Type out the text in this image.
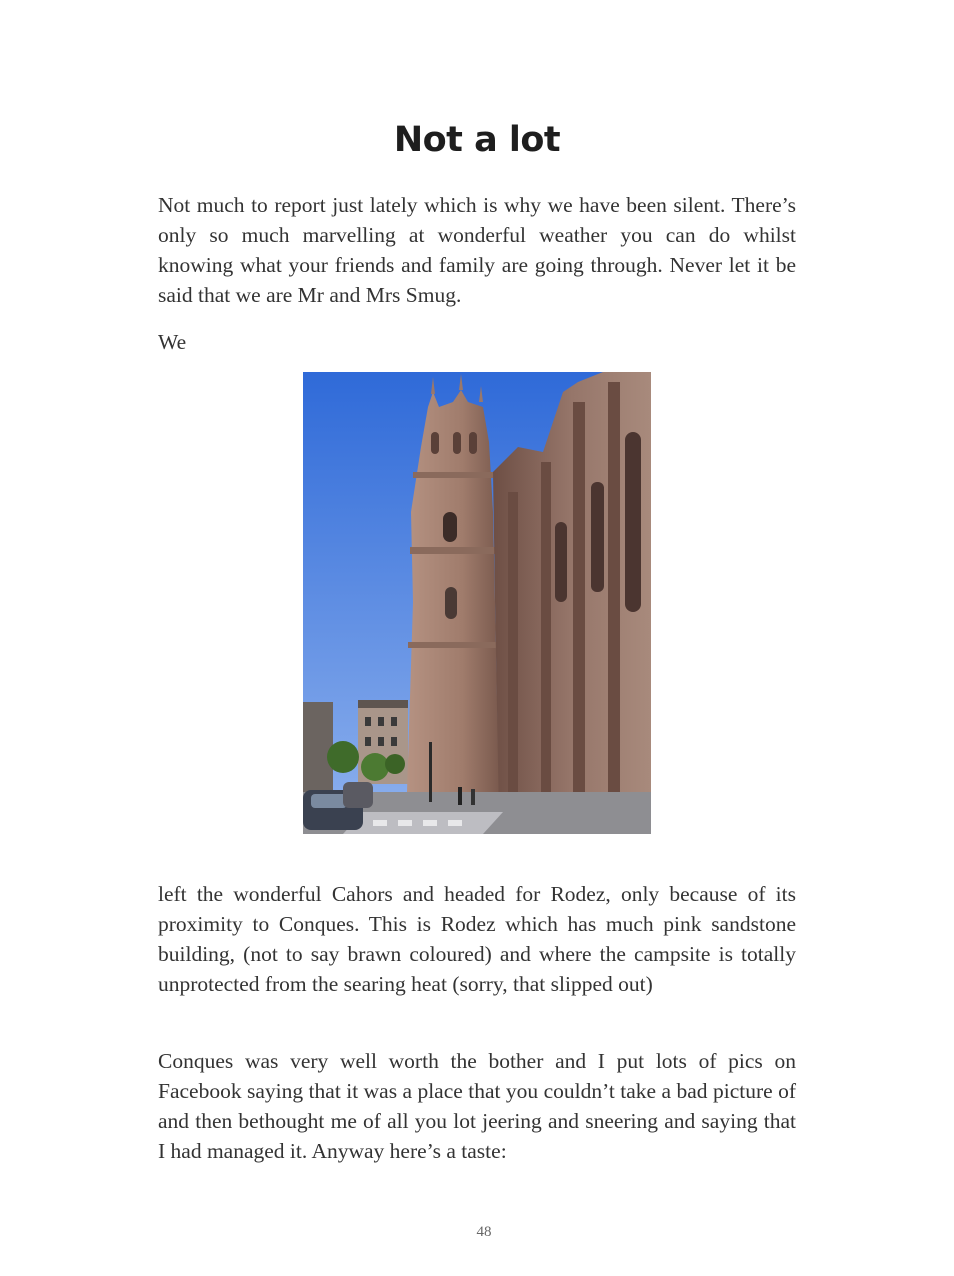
Not a lot

Not much to report just lately which is why we have been silent. There’s only so much marvelling at wonderful weather you can do whilst knowing what your friends and family are going through. Never let it be said that we are Mr and Mrs Smug.

We

left the wonderful Cahors and headed for Rodez, only because of its proximity to Conques. This is Rodez which has much pink sandstone building, (not to say brawn coloured) and where the campsite is totally unprotected from the searing heat (sorry, that slipped out)

Conques was very well worth the bother and I put lots of pics on Facebook saying that it was a place that you couldn’t take a bad picture of and then bethought me of all you lot jeering and sneering and saying that I had managed it. Anyway here’s a taste:

48
